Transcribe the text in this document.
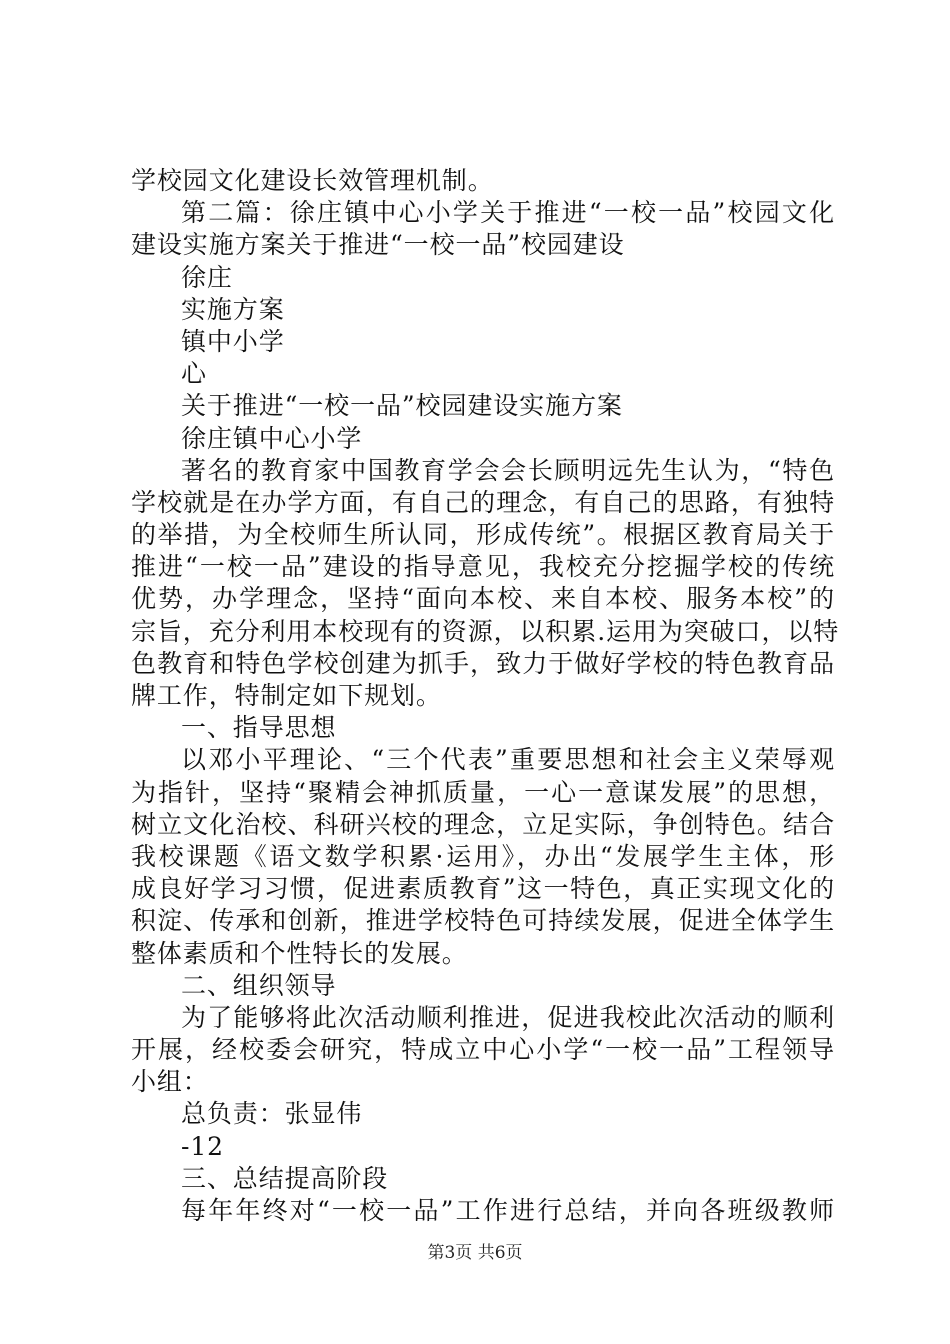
学校园文化建设长效管理机制。
第二篇：徐庄镇中心小学关于推进“一校一品”校园文化
建设实施方案关于推进“一校一品”校园建设
徐庄
实施方案
镇中小学
心
关于推进“一校一品”校园建设实施方案
徐庄镇中心小学
著名的教育家中国教育学会会长顾明远先生认为，“特色
学校就是在办学方面，有自己的理念，有自己的思路，有独特
的举措，为全校师生所认同，形成传统”。根据区教育局关于
推进“一校一品”建设的指导意见，我校充分挖掘学校的传统
优势，办学理念，坚持“面向本校、来自本校、服务本校”的
宗旨，充分利用本校现有的资源，以积累.运用为突破口，以特
色教育和特色学校创建为抓手，致力于做好学校的特色教育品
牌工作，特制定如下规划。
一、指导思想
以邓小平理论、“三个代表”重要思想和社会主义荣辱观
为指针，坚持“聚精会神抓质量，一心一意谋发展”的思想，
树立文化治校、科研兴校的理念，立足实际，争创特色。结合
我校课题《语文数学积累·运用》，办出“发展学生主体，形
成良好学习习惯，促进素质教育”这一特色，真正实现文化的
积淀、传承和创新，推进学校特色可持续发展，促进全体学生
整体素质和个性特长的发展。
二、组织领导
为了能够将此次活动顺利推进，促进我校此次活动的顺利
开展，经校委会研究，特成立中心小学“一校一品”工程领导
小组：
总负责：张显伟
-12
三、总结提高阶段
每年年终对“一校一品”工作进行总结，并向各班级教师
第3页 共6页
